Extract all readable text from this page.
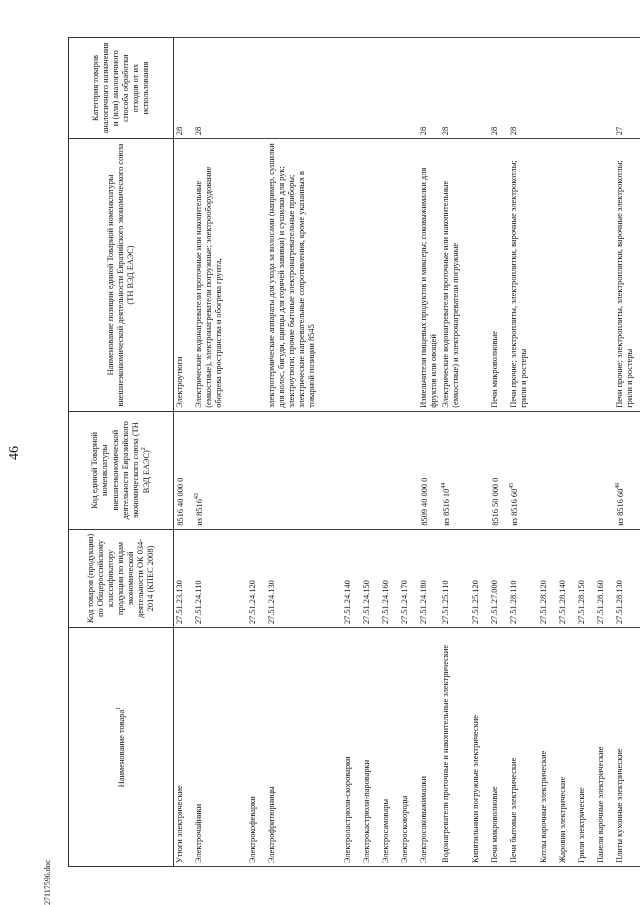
46
27117596.doc
Наименование товара$^1$	Код товаров (продукции) по Общероссийскому классификатору продукции по видам экономической деятельности ОК 034-2014 (КПЕС 2008)	Код единой Товарной номенклатуры внешнеэкономической деятельности Евразийского экономического союза (ТН ВЭД ЕАЭС)$^2$	Наименование позиции единой Товарной номенклатуры внешнеэкономической деятельности Евразийского экономического союза (ТН ВЭД ЕАЭС)	Категория товаров аналогичного назначения и (или) аналогичного способа обработки отходов от их использования
Утюги электрические	27.51.23.130	8516 40 000 0	Электроутюги	28
Электрочайники	27.51.24.110	из 8516$^{43}$	Электрические водонагреватели проточные или накопительные (емкостные), электронагреватели погружные; электрооборудование обогрева пространства и обогрева грунта,	28
Электрокофеварки	27.51.24.120			
Электрофритюрницы	27.51.24.130		электротермические аппараты для ухода за волосами (например, сушилки для волос, бигуди, щипцы для горячей завивки) и сушилки для рук; электроутюги; прочие бытовые электронагревательные приборы; электрические нагревательные сопротивления, кроме указанных в товарной позиции 8545	
Электроластрюли-скороварки	27.51.24.140			
Электрокастрюли-пароварки	27.51.24.150			
Электросамовары	27.51.24.160			
Электросковороды	27.51.24.170			
Электросоковыжималки	27.51.24.180	8509 40 000 0	Измельчители пищевых продуктов и миксеры; соковыжималки для фруктов или овощей	28
Водонагреватели проточные и накопительные электрические	27.51.25.110	из 8516 $10^{44}$	Электрические водонагреватели проточные или накопительные (емкостные) и электронагреватели погружные	28
Кипятильники погружные электрические	27.51.25.120			
Печи микроволновые	27.51.27.000	8516 50 000 0	Печи микроволновые	28
Печи бытовые электрические	27.51.28.110	из 8516 $60^{45}$	Печи прочие; электроплиты, электроплитки, варочные электрокотлы; грили и ростеры	28
Котлы варочные электрические	27.51.28.120			
Жаровни электрические	27.51.28.140			
Грили электрические	27.51.28.150			
Панели варочные электрические	27.51.28.160			
Плиты кухонные электрические	27.51.28.130	из 8516 $60^{46}$	Печи прочие; электроплиты, электроплитки, варочные электрокотлы; грили и ростеры	27
